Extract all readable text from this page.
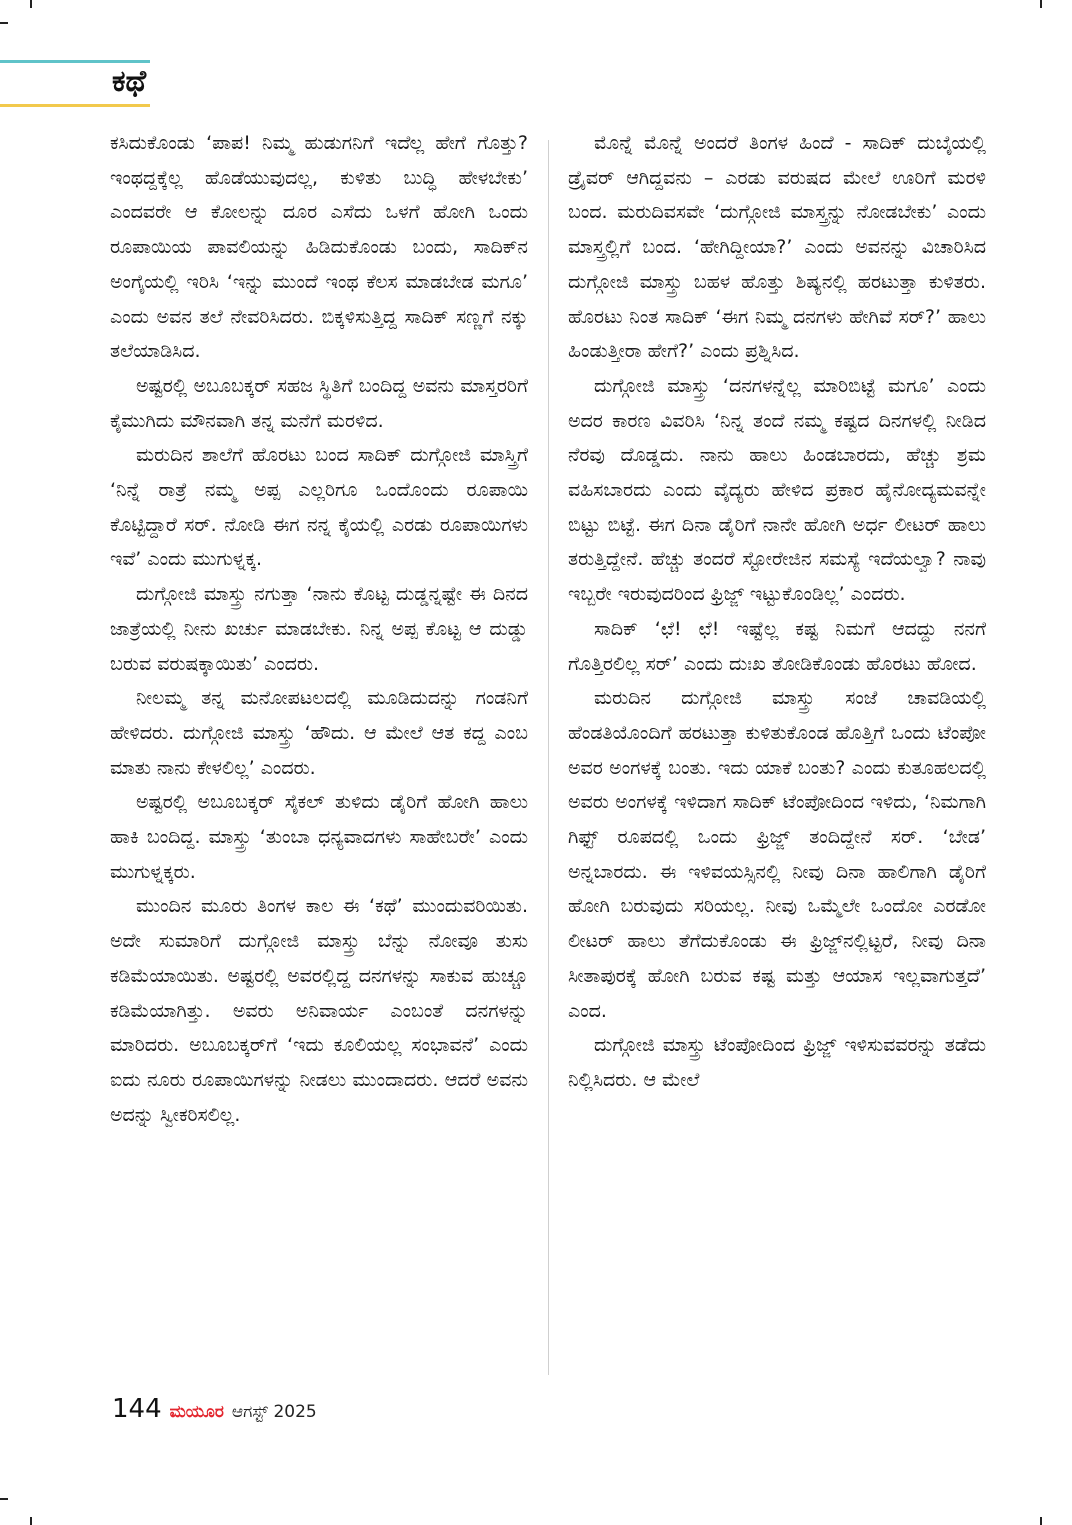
ಕಥೆ

ಕಸಿದುಕೊಂಡು ‘ಪಾಪ! ನಿಮ್ಮ ಹುಡುಗನಿಗೆ ಇದೆಲ್ಲ ಹೇಗೆ ಗೊತ್ತು? ಇಂಥದ್ದಕ್ಕೆಲ್ಲ ಹೊಡೆಯುವುದಲ್ಲ, ಕುಳಿತು ಬುದ್ಧಿ ಹೇಳಬೇಕು’ ಎಂದವರೇ ಆ ಕೋಲನ್ನು ದೂರ ಎಸೆದು ಒಳಗೆ ಹೋಗಿ ಒಂದು ರೂಪಾಯಿಯ ಪಾವಲಿಯನ್ನು ಹಿಡಿದುಕೊಂಡು ಬಂದು, ಸಾದಿಕ್‌ನ ಅಂಗೈಯಲ್ಲಿ ಇರಿಸಿ ‘ಇನ್ನು ಮುಂದೆ ಇಂಥ ಕೆಲಸ ಮಾಡಬೇಡ ಮಗೂ’ ಎಂದು ಅವನ ತಲೆ ನೇವರಿಸಿದರು. ಬಿಕ್ಕಳಿಸುತ್ತಿದ್ದ ಸಾದಿಕ್ ಸಣ್ಣಗೆ ನಕ್ಕು ತಲೆಯಾಡಿಸಿದ.

ಅಷ್ಟರಲ್ಲಿ ಅಬೂಬಕ್ಕರ್ ಸಹಜ ಸ್ಥಿತಿಗೆ ಬಂದಿದ್ದ ಅವನು ಮಾಸ್ತರರಿಗೆ ಕೈಮುಗಿದು ಮೌನವಾಗಿ ತನ್ನ ಮನೆಗೆ ಮರಳಿದ.

ಮರುದಿನ ಶಾಲೆಗೆ ಹೊರಟು ಬಂದ ಸಾದಿಕ್ ದುಗ್ಗೋಜಿ ಮಾಸ್ತ್ರಿಗೆ ‘ನಿನ್ನೆ ರಾತ್ರೆ ನಮ್ಮ ಅಪ್ಪ ಎಲ್ಲರಿಗೂ ಒಂದೊಂದು ರೂಪಾಯಿ ಕೊಟ್ಟಿದ್ದಾರೆ ಸರ್. ನೋಡಿ ಈಗ ನನ್ನ ಕೈಯಲ್ಲಿ ಎರಡು ರೂಪಾಯಿಗಳು ಇವೆ’ ಎಂದು ಮುಗುಳ್ನಕ್ಕ.

ದುಗ್ಗೋಜಿ ಮಾಸ್ತ್ರು ನಗುತ್ತಾ ‘ನಾನು ಕೊಟ್ಟ ದುಡ್ಡನ್ನಷ್ಟೇ ಈ ದಿನದ ಜಾತ್ರೆಯಲ್ಲಿ ನೀನು ಖರ್ಚು ಮಾಡಬೇಕು. ನಿನ್ನ ಅಪ್ಪ ಕೊಟ್ಟ ಆ ದುಡ್ಡು ಬರುವ ವರುಷಕ್ಕಾಯಿತು’ ಎಂದರು.

ನೀಲಮ್ಮ ತನ್ನ ಮನೋಪಟಲದಲ್ಲಿ ಮೂಡಿದುದನ್ನು ಗಂಡನಿಗೆ ಹೇಳಿದರು. ದುಗ್ಗೋಜಿ ಮಾಸ್ತ್ರು ‘ಹೌದು. ಆ ಮೇಲೆ ಆತ ಕದ್ದ ಎಂಬ ಮಾತು ನಾನು ಕೇಳಲಿಲ್ಲ’ ಎಂದರು.

ಅಷ್ಟರಲ್ಲಿ ಅಬೂಬಕ್ಕರ್ ಸೈಕಲ್ ತುಳಿದು ಡೈರಿಗೆ ಹೋಗಿ ಹಾಲು ಹಾಕಿ ಬಂದಿದ್ದ. ಮಾಸ್ತ್ರು ‘ತುಂಬಾ ಧನ್ಯವಾದಗಳು ಸಾಹೇಬರೇ’ ಎಂದು ಮುಗುಳ್ನಕ್ಕರು.

ಮುಂದಿನ ಮೂರು ತಿಂಗಳ ಕಾಲ ಈ ‘ಕಥೆ’ ಮುಂದುವರಿಯಿತು. ಅದೇ ಸುಮಾರಿಗೆ ದುಗ್ಗೋಜಿ ಮಾಸ್ತ್ರು ಬೆನ್ನು ನೋವೂ ತುಸು ಕಡಿಮೆಯಾಯಿತು. ಅಷ್ಟರಲ್ಲಿ ಅವರಲ್ಲಿದ್ದ ದನಗಳನ್ನು ಸಾಕುವ ಹುಚ್ಚೂ ಕಡಿಮೆಯಾಗಿತ್ತು. ಅವರು ಅನಿವಾರ್ಯ ಎಂಬಂತೆ ದನಗಳನ್ನು ಮಾರಿದರು. ಅಬೂಬಕ್ಕರ್‌ಗೆ ‘ಇದು ಕೂಲಿಯಲ್ಲ ಸಂಭಾವನೆ’ ಎಂದು ಐದು ನೂರು ರೂಪಾಯಿಗಳನ್ನು ನೀಡಲು ಮುಂದಾದರು. ಆದರೆ ಅವನು ಅದನ್ನು ಸ್ವೀಕರಿಸಲಿಲ್ಲ.

ಮೊನ್ನೆ ಮೊನ್ನೆ ಅಂದರೆ ತಿಂಗಳ ಹಿಂದೆ - ಸಾದಿಕ್ ದುಬೈಯಲ್ಲಿ ಡ್ರೈವರ್ ಆಗಿದ್ದವನು – ಎರಡು ವರುಷದ ಮೇಲೆ ಊರಿಗೆ ಮರಳಿ ಬಂದ. ಮರುದಿವಸವೇ ‘ದುಗ್ಗೋಜಿ ಮಾಸ್ತ್ರನ್ನು ನೋಡಬೇಕು’ ಎಂದು ಮಾಸ್ತ್ರಲ್ಲಿಗೆ ಬಂದ. ‘ಹೇಗಿದ್ದೀಯಾ?’ ಎಂದು ಅವನನ್ನು ವಿಚಾರಿಸಿದ ದುಗ್ಗೋಜಿ ಮಾಸ್ತ್ರು ಬಹಳ ಹೊತ್ತು ಶಿಷ್ಯನಲ್ಲಿ ಹರಟುತ್ತಾ ಕುಳಿತರು. ಹೊರಟು ನಿಂತ ಸಾದಿಕ್ ‘ಈಗ ನಿಮ್ಮ ದನಗಳು ಹೇಗಿವೆ ಸರ್?’ ಹಾಲು ಹಿಂಡುತ್ತೀರಾ ಹೇಗೆ?’ ಎಂದು ಪ್ರಶ್ನಿಸಿದ.

ದುಗ್ಗೋಜಿ ಮಾಸ್ತ್ರು ‘ದನಗಳನ್ನೆಲ್ಲ ಮಾರಿಬಿಟ್ಟೆ ಮಗೂ’ ಎಂದು ಅದರ ಕಾರಣ ವಿವರಿಸಿ ‘ನಿನ್ನ ತಂದೆ ನಮ್ಮ ಕಷ್ಟದ ದಿನಗಳಲ್ಲಿ ನೀಡಿದ ನೆರವು ದೊಡ್ಡದು. ನಾನು ಹಾಲು ಹಿಂಡಬಾರದು, ಹೆಚ್ಚು ಶ್ರಮ ವಹಿಸಬಾರದು ಎಂದು ವೈದ್ಯರು ಹೇಳಿದ ಪ್ರಕಾರ ಹೈನೋದ್ಯಮವನ್ನೇ ಬಿಟ್ಟು ಬಿಟ್ಟೆ. ಈಗ ದಿನಾ ಡೈರಿಗೆ ನಾನೇ ಹೋಗಿ ಅರ್ಧ ಲೀಟರ್ ಹಾಲು ತರುತ್ತಿದ್ದೇನೆ. ಹೆಚ್ಚು ತಂದರೆ ಸ್ಟೋರೇಜಿನ ಸಮಸ್ಯೆ ಇದೆಯಲ್ವಾ? ನಾವು ಇಬ್ಬರೇ ಇರುವುದರಿಂದ ಫ್ರಿಜ್ಜ್ ಇಟ್ಟುಕೊಂಡಿಲ್ಲ’ ಎಂದರು.

ಸಾದಿಕ್ ‘ಛೆ! ಛೆ! ಇಷ್ಟೆಲ್ಲ ಕಷ್ಟ ನಿಮಗೆ ಆದದ್ದು ನನಗೆ ಗೊತ್ತಿರಲಿಲ್ಲ ಸರ್’ ಎಂದು ದುಃಖ ತೋಡಿಕೊಂಡು ಹೊರಟು ಹೋದ.

ಮರುದಿನ ದುಗ್ಗೋಜಿ ಮಾಸ್ತ್ರು ಸಂಜೆ ಚಾವಡಿಯಲ್ಲಿ ಹೆಂಡತಿಯೊಂದಿಗೆ ಹರಟುತ್ತಾ ಕುಳಿತುಕೊಂಡ ಹೊತ್ತಿಗೆ ಒಂದು ಟೆಂಪೋ ಅವರ ಅಂಗಳಕ್ಕೆ ಬಂತು. ಇದು ಯಾಕೆ ಬಂತು? ಎಂದು ಕುತೂಹಲದಲ್ಲಿ ಅವರು ಅಂಗಳಕ್ಕೆ ಇಳಿದಾಗ ಸಾದಿಕ್ ಟೆಂಪೋದಿಂದ ಇಳಿದು, ‘ನಿಮಗಾಗಿ ಗಿಫ್ಟ್ ರೂಪದಲ್ಲಿ ಒಂದು ಫ್ರಿಜ್ಜ್ ತಂದಿದ್ದೇನೆ ಸರ್. ‘ಬೇಡ’ ಅನ್ನಬಾರದು. ಈ ಇಳಿವಯಸ್ಸಿನಲ್ಲಿ ನೀವು ದಿನಾ ಹಾಲಿಗಾಗಿ ಡೈರಿಗೆ ಹೋಗಿ ಬರುವುದು ಸರಿಯಲ್ಲ. ನೀವು ಒಮ್ಮೆಲೇ ಒಂದೋ ಎರಡೋ ಲೀಟರ್ ಹಾಲು ತೆಗೆದುಕೊಂಡು ಈ ಫ್ರಿಜ್ಜ್‌ನಲ್ಲಿಟ್ಟರೆ, ನೀವು ದಿನಾ ಸೀತಾಪುರಕ್ಕೆ ಹೋಗಿ ಬರುವ ಕಷ್ಟ ಮತ್ತು ಆಯಾಸ ಇಲ್ಲವಾಗುತ್ತದೆ’ ಎಂದ.

ದುಗ್ಗೋಜಿ ಮಾಸ್ತ್ರು ಟೆಂಪೋದಿಂದ ಫ್ರಿಜ್ಜ್ ಇಳಿಸುವವರನ್ನು ತಡೆದು ನಿಲ್ಲಿಸಿದರು. ಆ ಮೇಲೆ

144 ಮಯೂರ ಆಗಸ್ಟ್ 2025
